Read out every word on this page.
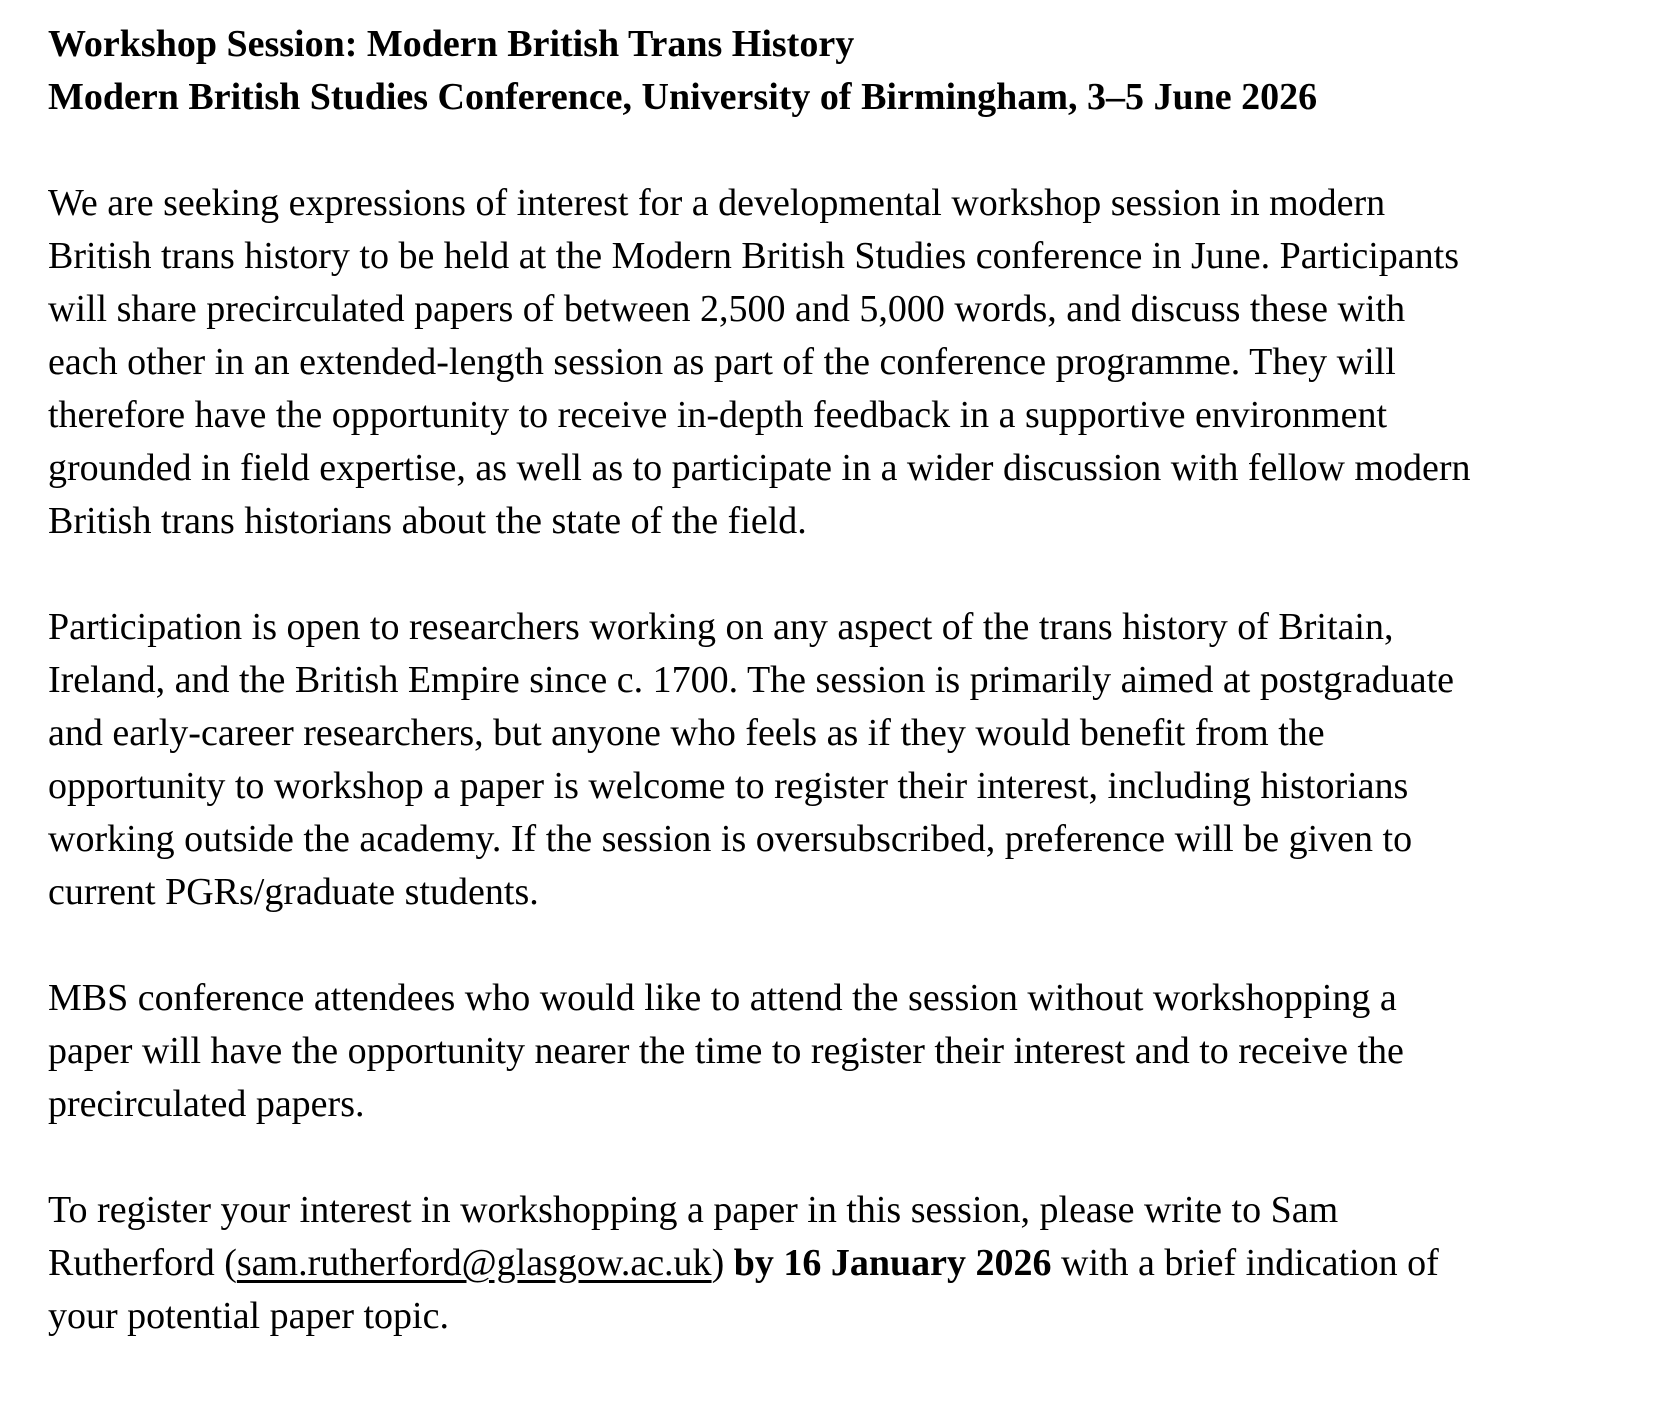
Workshop Session: Modern British Trans History
Modern British Studies Conference, University of Birmingham, 3–5 June 2026
We are seeking expressions of interest for a developmental workshop session in modern
British trans history to be held at the Modern British Studies conference in June. Participants
will share precirculated papers of between 2,500 and 5,000 words, and discuss these with
each other in an extended-length session as part of the conference programme. They will
therefore have the opportunity to receive in-depth feedback in a supportive environment
grounded in field expertise, as well as to participate in a wider discussion with fellow modern
British trans historians about the state of the field.
Participation is open to researchers working on any aspect of the trans history of Britain,
Ireland, and the British Empire since c. 1700. The session is primarily aimed at postgraduate
and early-career researchers, but anyone who feels as if they would benefit from the
opportunity to workshop a paper is welcome to register their interest, including historians
working outside the academy. If the session is oversubscribed, preference will be given to
current PGRs/graduate students.
MBS conference attendees who would like to attend the session without workshopping a
paper will have the opportunity nearer the time to register their interest and to receive the
precirculated papers.
To register your interest in workshopping a paper in this session, please write to Sam
Rutherford (sam.rutherford@glasgow.ac.uk) by 16 January 2026 with a brief indication of
your potential paper topic.
